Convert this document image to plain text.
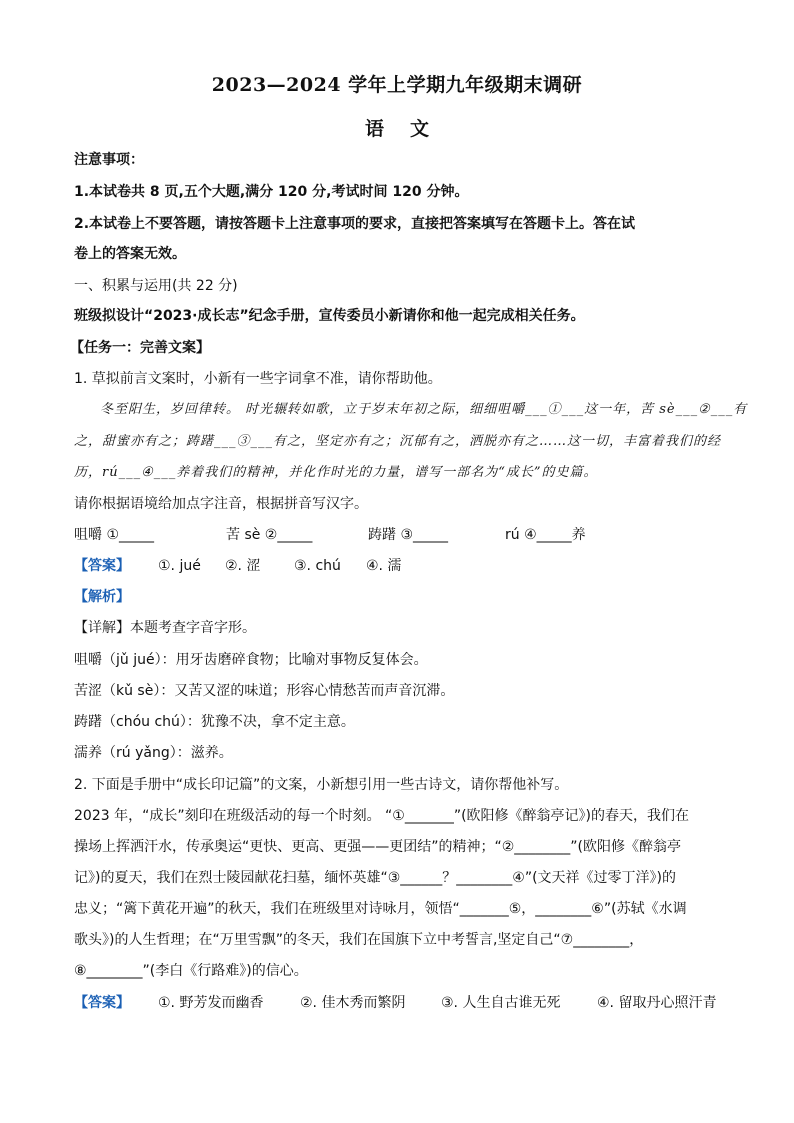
2023—2024 学年上学期九年级期末调研
语文
注意事项：
1.本试卷共 8 页,五个大题,满分 120 分,考试时间 120 分钟。
2.本试卷上不要答题，请按答题卡上注意事项的要求，直接把答案填写在答题卡上。答在试
卷上的答案无效。
一、积累与运用(共 22 分)
班级拟设计“2023·成长志”纪念手册，宣传委员小新请你和他一起完成相关任务。
【任务一：完善文案】
1. 草拟前言文案时，小新有一些字词拿不准，请你帮助他。
冬至阳生，岁回律转。 时光辗转如歌，立于岁末年初之际，细细咀嚼___①___这一年，苦 sè___②___有
之，甜蜜亦有之；踌躇___③___有之，坚定亦有之；沉郁有之，洒脱亦有之……这一切，丰富着我们的经
历，rú___④___养着我们的精神，并化作时光的力量，谱写一部名为“成长”的史篇。
请你根据语境给加点字注音，根据拼音写汉字。
咀嚼 ①_____	苦 sè ②_____	踌躇 ③_____	rú ④_____养
【答案】 ①. jué ②. 涩 ③. chú ④. 濡
【解析】
【详解】本题考查字音字形。
咀嚼（jǔ jué）：用牙齿磨碎食物；比喻对事物反复体会。
苦涩（kǔ sè）：又苦又涩的味道；形容心情愁苦而声音沉滞。
踌躇（chóu chú）：犹豫不决，拿不定主意。
濡养（rú yǎng）：滋养。
2. 下面是手册中“成长印记篇”的文案，小新想引用一些古诗文，请你帮他补写。
2023 年，“成长”刻印在班级活动的每一个时刻。 “①_______”(欧阳修《醉翁亭记》)的春天，我们在
操场上挥洒汗水，传承奥运“更快、更高、更强——更团结”的精神；“②________”(欧阳修《醉翁亭
记》)的夏天，我们在烈士陵园献花扫墓，缅怀英雄“③______？________④”(文天祥《过零丁洋》)的
忠义；“篱下黄花开遍”的秋天，我们在班级里对诗咏月，领悟“_______⑤，________⑥”(苏轼《水调
歌头》)的人生哲理；在“万里雪飘”的冬天，我们在国旗下立中考誓言,坚定自己“⑦________，
⑧________”(李白《行路难》)的信心。
【答案】 ①. 野芳发而幽香	②. 佳木秀而繁阴	③. 人生自古谁无死	④. 留取丹心照汗青
